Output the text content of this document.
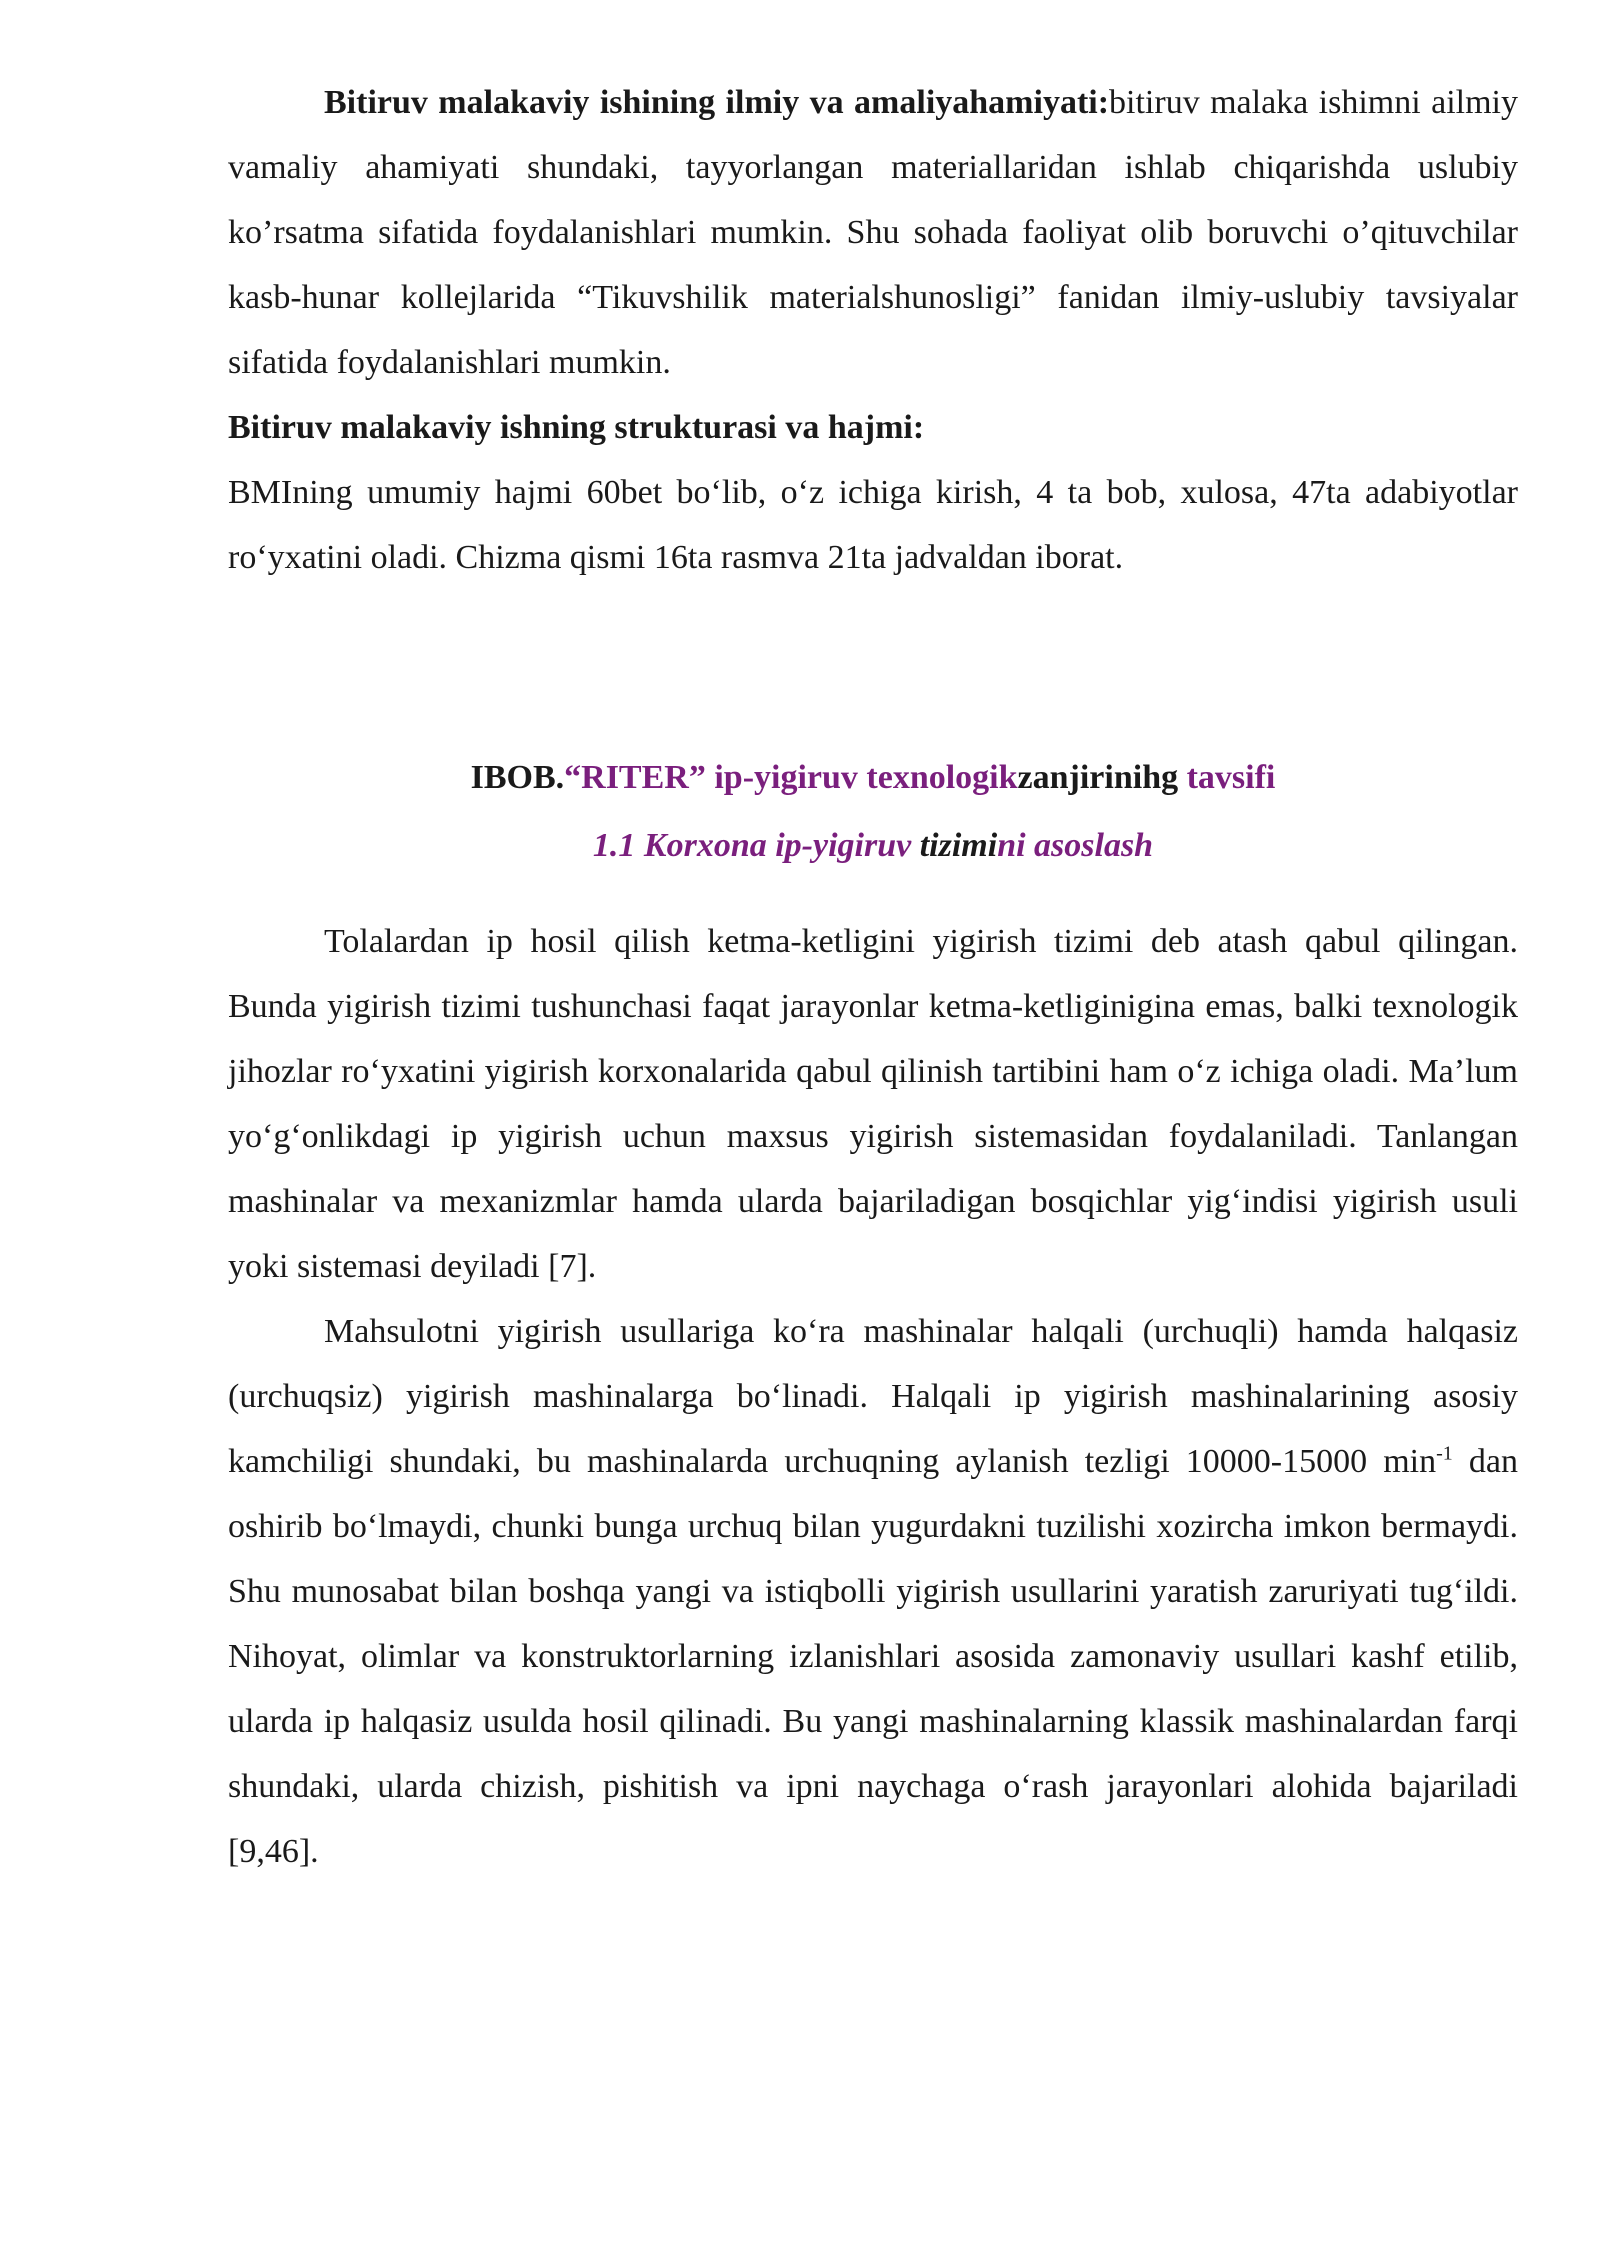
Bitiruv malakaviy ishining ilmiy va amaliyahamiyati:bitiruv malaka ishimni ailmiy vamaliy ahamiyati shundaki, tayyorlangan materiallaridan ishlab chiqarishda uslubiy ko’rsatma sifatida foydalanishlari mumkin. Shu sohada faoliyat olib boruvchi o’qituvchilar kasb-hunar kollejlarida “Tikuvshilik materialshunosligi” fanidan ilmiy-uslubiy tavsiyalar sifatida foydalanishlari mumkin.

Bitiruv malakaviy ishning strukturasi va hajmi:

BMIning umumiy hajmi 60bet bo‘lib, o‘z ichiga kirish, 4 ta bob, xulosa, 47ta adabiyotlar ro‘yxatini oladi. Chizma qismi 16ta rasmva 21ta jadvaldan iborat.

IBOB.“RITER” ip-yigiruv texnologikzanjirinihg tavsifi

1.1 Korxona ip-yigiruv tizimini asoslash

Tolalardan ip hosil qilish ketma-ketligini yigirish tizimi deb atash qabul qilingan. Bunda yigirish tizimi tushunchasi faqat jarayonlar ketma-ketliginigina emas, balki texnologik jihozlar ro‘yxatini yigirish korxonalarida qabul qilinish tartibini ham o‘z ichiga oladi. Ma’lum yo‘g‘onlikdagi ip yigirish uchun maxsus yigirish sistemasidan foydalaniladi. Tanlangan mashinalar va mexanizmlar hamda ularda bajariladigan bosqichlar yig‘indisi yigirish usuli yoki sistemasi deyiladi [7].

Mahsulotni yigirish usullariga ko‘ra mashinalar halqali (urchuqli) hamda halqasiz (urchuqsiz) yigirish mashinalarga bo‘linadi. Halqali ip yigirish mashinalarining asosiy kamchiligi shundaki, bu mashinalarda urchuqning aylanish tezligi 10000-15000 $\min^{-1}$ dan oshirib bo‘lmaydi, chunki bunga urchuq bilan yugurdakni tuzilishi xozircha imkon bermaydi. Shu munosabat bilan boshqa yangi va istiqbolli yigirish usullarini yaratish zaruriyati tug‘ildi. Nihoyat, olimlar va konstruktorlarning izlanishlari asosida zamonaviy usullari kashf etilib, ularda ip halqasiz usulda hosil qilinadi. Bu yangi mashinalarning klassik mashinalardan farqi shundaki, ularda chizish, pishitish va ipni naychaga o‘rash jarayonlari alohida bajariladi [9,46].
